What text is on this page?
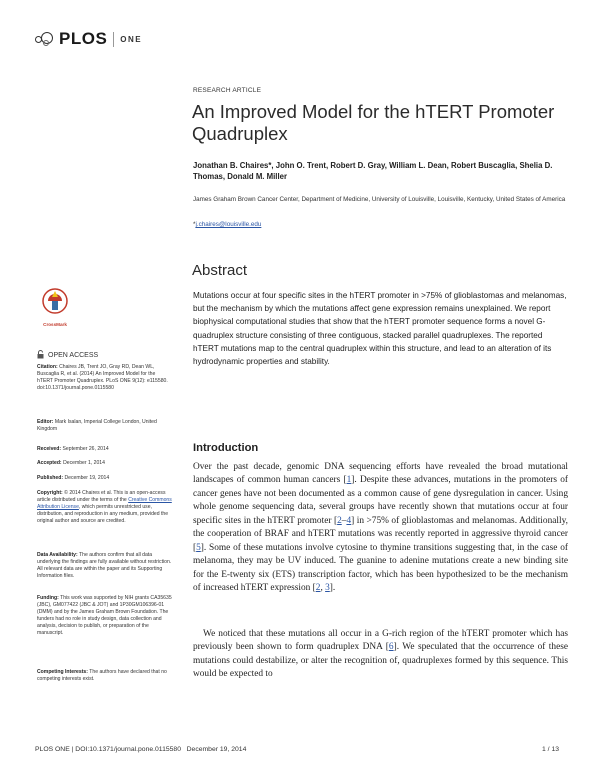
PLOS ONE
RESEARCH ARTICLE
An Improved Model for the hTERT Promoter Quadruplex
Jonathan B. Chaires*, John O. Trent, Robert D. Gray, William L. Dean, Robert Buscaglia, Shelia D. Thomas, Donald M. Miller
James Graham Brown Cancer Center, Department of Medicine, University of Louisville, Louisville, Kentucky, United States of America
*j.chaires@louisville.edu
Abstract
Mutations occur at four specific sites in the hTERT promoter in >75% of glioblastomas and melanomas, but the mechanism by which the mutations affect gene expression remains unexplained. We report biophysical computational studies that show that the hTERT promoter sequence forms a novel G-quadruplex structure consisting of three contiguous, stacked parallel quadruplexes. The reported hTERT mutations map to the central quadruplex within this structure, and lead to an alteration of its hydrodynamic properties and stability.
CrossMark
OPEN ACCESS
Citation: Chaires JB, Trent JO, Gray RD, Dean WL, Buscaglia R, et al. (2014) An Improved Model for the hTERT Promoter Quadruplex. PLoS ONE 9(12): e115580. doi:10.1371/journal.pone.0115580
Editor: Mark Isalan, Imperial College London, United Kingdom
Received: September 26, 2014
Accepted: December 1, 2014
Published: December 19, 2014
Copyright: © 2014 Chaires et al. This is an open-access article distributed under the terms of the Creative Commons Attribution License, which permits unrestricted use, distribution, and reproduction in any medium, provided the original author and source are credited.
Data Availability: The authors confirm that all data underlying the findings are fully available without restriction. All relevant data are within the paper and its Supporting Information files.
Funding: This work was supported by NIH grants CA35635 (JBC), GM077422 (JBC & JOT) and 1P30GM106396-01 (DMM) and by the James Graham Brown Foundation. The funders had no role in study design, data collection and analysis, decision to publish, or preparation of the manuscript.
Competing Interests: The authors have declared that no competing interests exist.
Introduction
Over the past decade, genomic DNA sequencing efforts have revealed the broad mutational landscapes of common human cancers [1]. Despite these advances, mutations in the promoters of cancer genes have not been documented as a common cause of gene dysregulation in cancer. Using whole genome sequencing data, several groups have recently shown that mutations occur at four specific sites in the hTERT promoter [2–4] in >75% of glioblastomas and melanomas. Additionally, the cooperation of BRAF and hTERT mutations was recently reported in aggressive thyroid cancer [5]. Some of these mutations involve cytosine to thymine transitions suggesting that, in the case of melanoma, they may be UV induced. The guanine to adenine mutations create a new binding site for the E-twenty six (ETS) transcription factor, which has been hypothesized to be the mechanism of increased hTERT expression [2, 3].
We noticed that these mutations all occur in a G-rich region of the hTERT promoter which has previously been shown to form quadruplex DNA [6]. We speculated that the occurrence of these mutations could destabilize, or alter the recognition of, quadruplexes formed by this sequence. This would be expected to
PLOS ONE | DOI:10.1371/journal.pone.0115580   December 19, 2014	1 / 13
